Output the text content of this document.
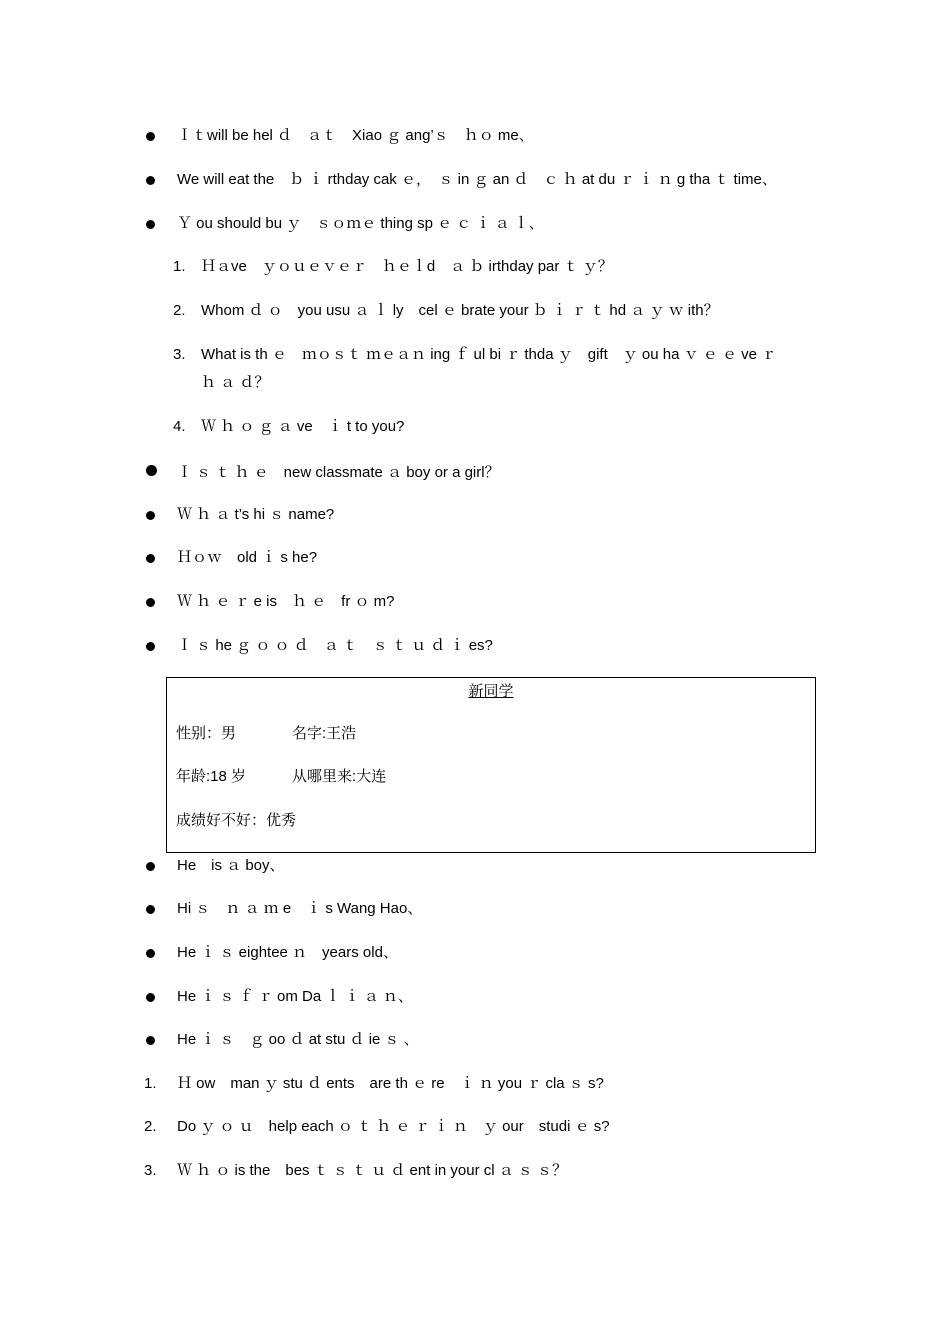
Ｉｔwill be hel ｄ　ａｔ　Xiao ｇ ang’ｓ　ｈｏ me、
We will eat the　ｂ ｉ rthday cak ｅ，　ｓ in ｇ an ｄ　ｃ ｈ at du ｒ ｉ ｎ g tha ｔ time、
Ｙ ou should bu ｙ　ｓｏｍｅ thing sp ｅ ｃ ｉ ａ ｌ、
1. Ｈａve　ｙｏｕｅｖｅｒ　ｈｅｌd　ａ ｂ irthday par ｔ ｙ？
2. Whom ｄ ｏ　you usu ａ ｌ ly　cel ｅ brate your ｂ ｉ ｒ ｔ hd ａ ｙ ｗ ith？
3. What is th ｅ　ｍｏｓｔ ｍｅａｎ ing ｆ ul bi ｒ thda ｙ　gift　ｙ ou ha ｖ ｅ ｅ ve ｒ
ｈ ａ ｄ？
4. Ｗ ｈ ｏ ｇ ａ ve　ｉ t to you?
Ｉ ｓ ｔ ｈ ｅ　new classmate ａ boy or a girl？
Ｗ ｈ ａ t’s hi ｓ name?
Ｈｏｗ　old ｉ s he?
Ｗ ｈ ｅ ｒ e is　ｈ ｅ　fr ｏ m?
Ｉ ｓ he ｇ ｏ ｏ ｄ　ａ ｔ　ｓ ｔ ｕ ｄ ｉ es?
新同学
性别：男	名字:王浩
年龄:18 岁	从哪里来:大连
成绩好不好：优秀
He　is ａ boy、
Hi ｓ　ｎ ａ ｍ e　ｉ s Wang Hao、
He ｉ ｓ eightee ｎ　years old、
He ｉ ｓ ｆ ｒ om Da ｌ ｉ ａ ｎ、
He ｉ ｓ　ｇ oo ｄ at stu ｄ ie ｓ 、
1. Ｈ ow　man ｙ stu ｄ ents　are th ｅ re　ｉ ｎ you ｒ cla ｓ s?
2. Do ｙ ｏ ｕ　help each ｏ ｔ ｈ ｅ ｒ ｉ ｎ　ｙ our　studi ｅ s?
3. Ｗ ｈ ｏ is the　bes ｔ ｓ ｔ ｕ ｄ ent in your cl ａ ｓ ｓ？
